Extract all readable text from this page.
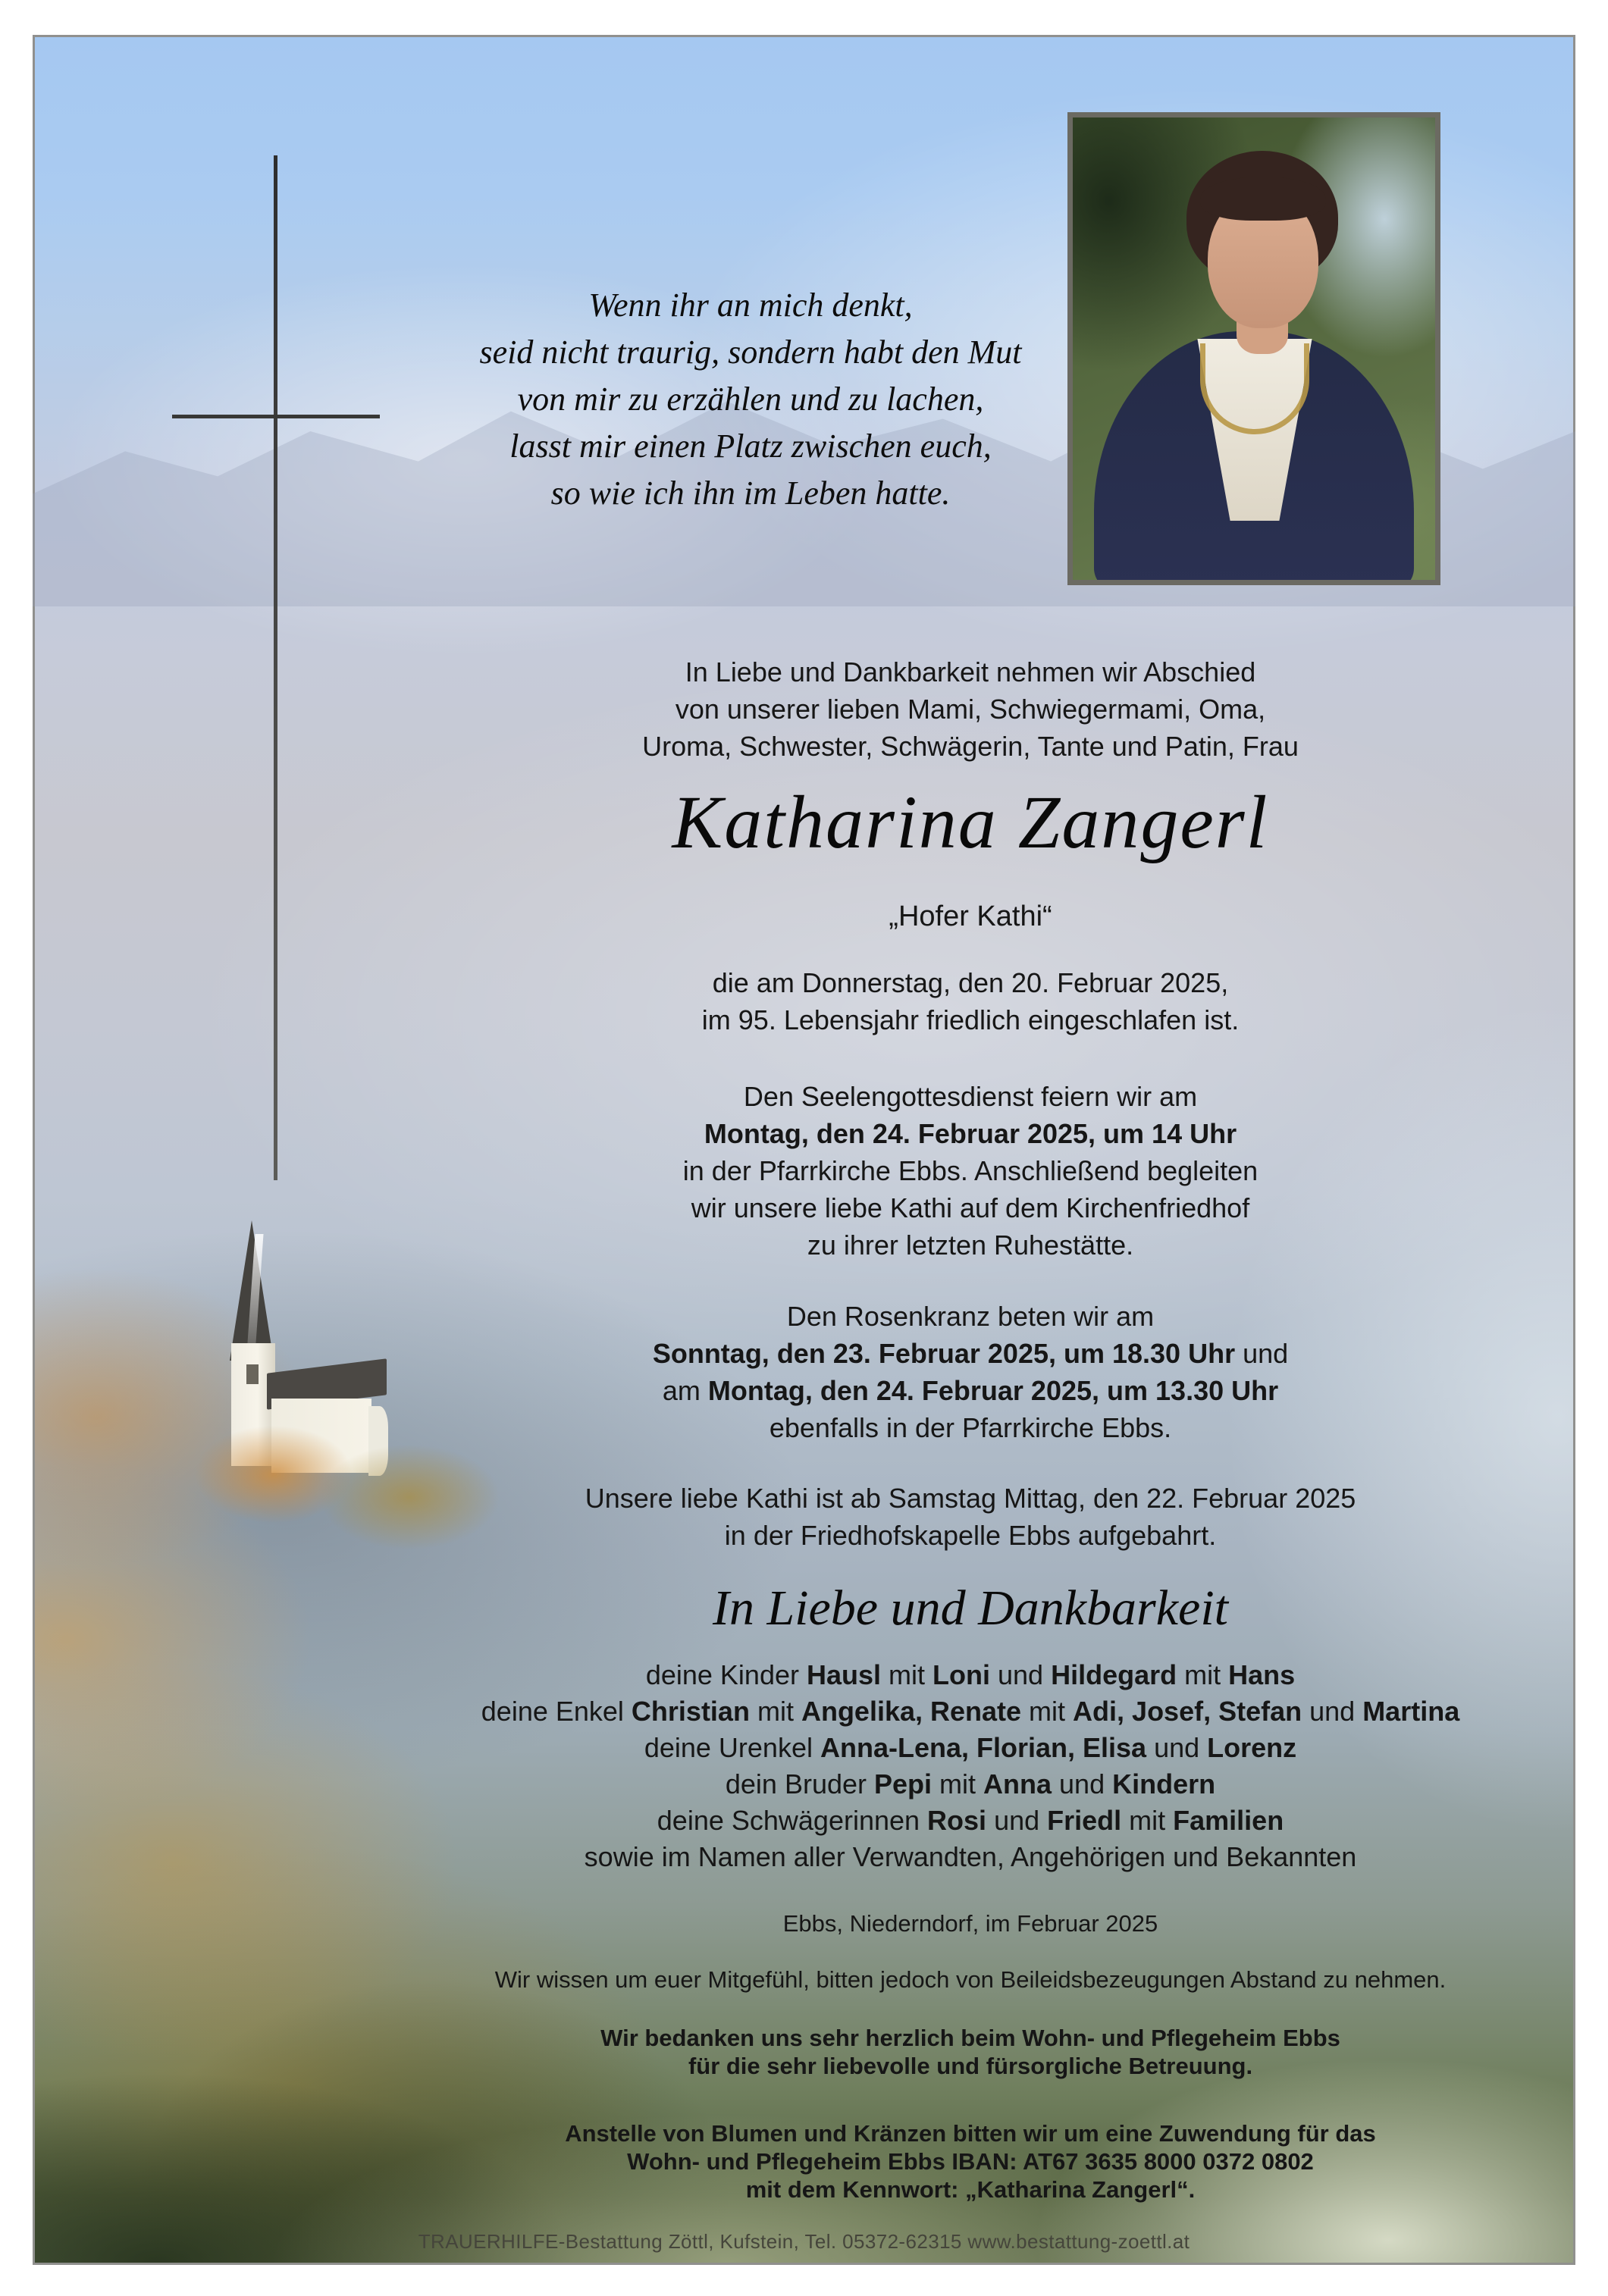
Wenn ihr an mich denkt,
seid nicht traurig, sondern habt den Mut
von mir zu erzählen und zu lachen,
lasst mir einen Platz zwischen euch,
so wie ich ihn im Leben hatte.
In Liebe und Dankbarkeit nehmen wir Abschied
von unserer lieben Mami, Schwiegermami, Oma,
Uroma, Schwester, Schwägerin, Tante und Patin, Frau
Katharina Zangerl
„Hofer Kathi“
die am Donnerstag, den 20. Februar 2025,
im 95. Lebensjahr friedlich eingeschlafen ist.
Den Seelengottesdienst feiern wir am
Montag, den 24. Februar 2025, um 14 Uhr
in der Pfarrkirche Ebbs. Anschließend begleiten
wir unsere liebe Kathi auf dem Kirchenfriedhof
zu ihrer letzten Ruhestätte.
Den Rosenkranz beten wir am
Sonntag, den 23. Februar 2025, um 18.30 Uhr und
am Montag, den 24. Februar 2025, um 13.30 Uhr
ebenfalls in der Pfarrkirche Ebbs.
Unsere liebe Kathi ist ab Samstag Mittag, den 22. Februar 2025
in der Friedhofskapelle Ebbs aufgebahrt.
In Liebe und Dankbarkeit
deine Kinder Hausl mit Loni und Hildegard mit Hans
deine Enkel Christian mit Angelika, Renate mit Adi, Josef, Stefan und Martina
deine Urenkel Anna-Lena, Florian, Elisa und Lorenz
dein Bruder Pepi mit Anna und Kindern
deine Schwägerinnen Rosi und Friedl mit Familien
sowie im Namen aller Verwandten, Angehörigen und Bekannten
Ebbs, Niederndorf, im Februar 2025
Wir wissen um euer Mitgefühl, bitten jedoch von Beileidsbezeugungen Abstand zu nehmen.
Wir bedanken uns sehr herzlich beim Wohn- und Pflegeheim Ebbs
für die sehr liebevolle und fürsorgliche Betreuung.
Anstelle von Blumen und Kränzen bitten wir um eine Zuwendung für das
Wohn- und Pflegeheim Ebbs IBAN: AT67 3635 8000 0372 0802
mit dem Kennwort: „Katharina Zangerl“.
TRAUERHILFE-Bestattung Zöttl, Kufstein, Tel. 05372-62315 www.bestattung-zoettl.at
